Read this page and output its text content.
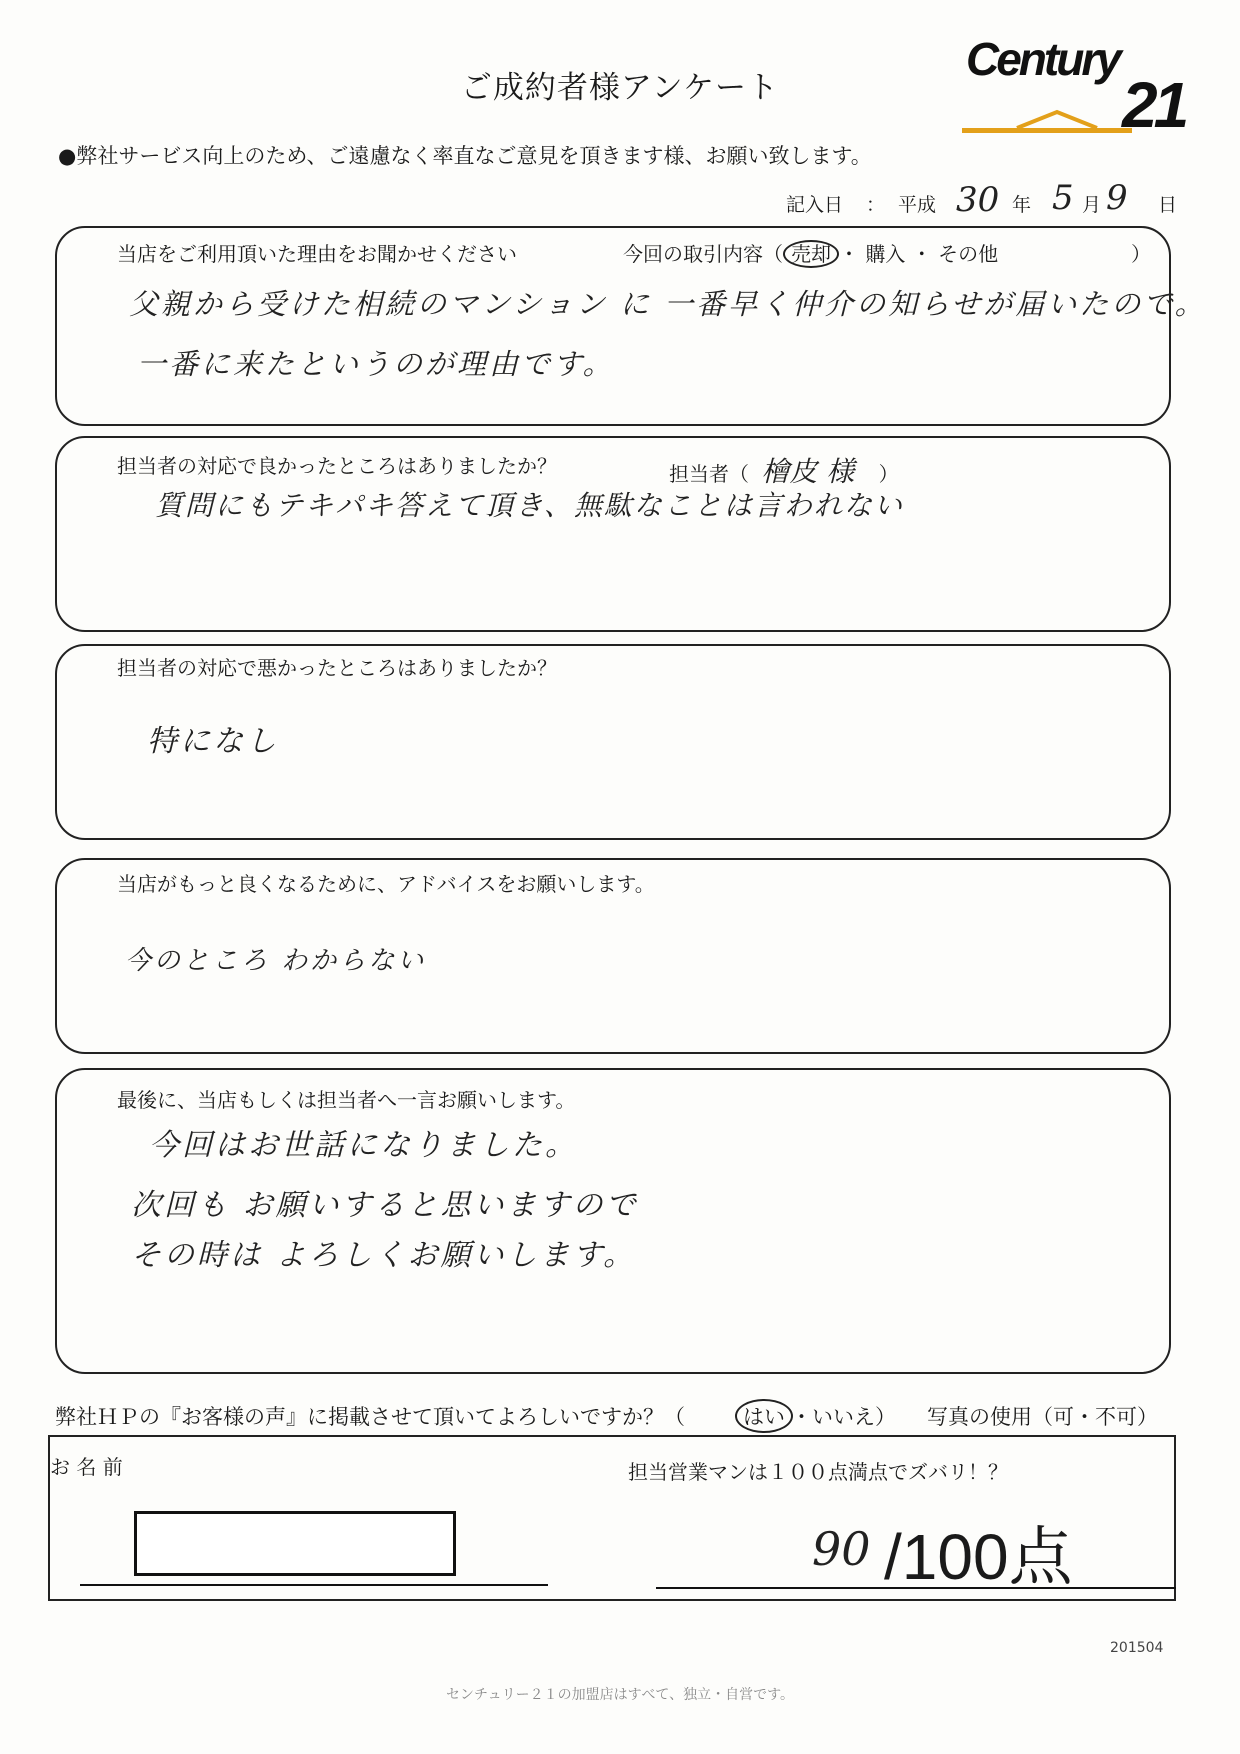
ご成約者様アンケート
Century
21
●弊社サービス向上のため、ご遠慮なく率直なご意見を頂きます様、お願い致します。
記入日 ： 平成 30 年 5 月 9 日
当店をご利用頂いた理由をお聞かせください	今回の取引内容（ 売却 ・ 購入 ・ その他	）
父親から受けた相続のマンション に 一番早く仲介の知らせが届いたので。
一番に来たというのが理由です。
担当者の対応で良かったところはありましたか？	担当者（ 檜皮 様 ）
質問にもテキパキ答えて頂き、無駄なことは言われない
担当者の対応で悪かったところはありましたか？
特になし
当店がもっと良くなるために、アドバイスをお願いします。
今のところ わからない
最後に、当店もしくは担当者へ一言お願いします。
今回はお世話になりました。
次回も お願いすると思いますので
その時は よろしくお願いします。
弊社ＨＰの『お客様の声』に掲載させて頂いてよろしいですか？（	はい ・いいえ） 写真の使用（可・不可）
お 名 前	担当営業マンは１００点満点でズバリ！？
90 /100点
201504
センチュリー２１の加盟店はすべて、独立・自営です。
